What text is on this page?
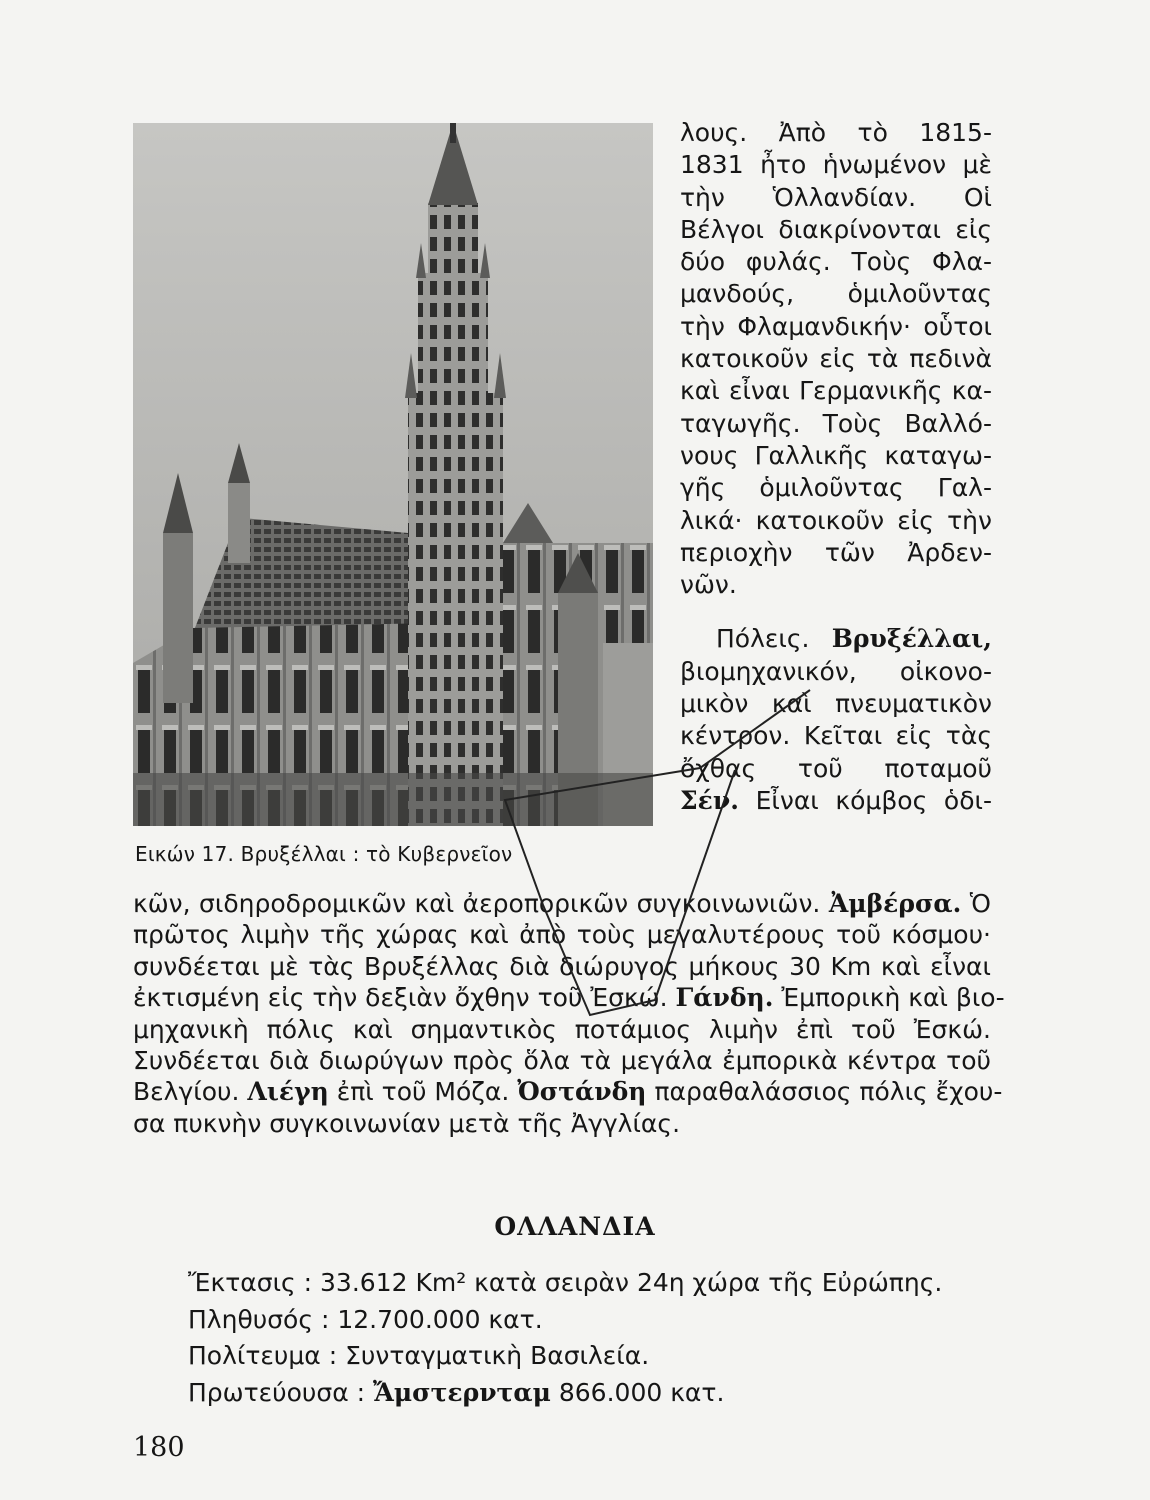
Εικών 17. Βρυξέλλαι : τὸ Κυβερνεῖον
λους. Ἀπὸ τὸ 1815-
1831 ἦτο ἡνωμένον μὲ
τὴν Ὁλλανδίαν. Οἱ
Βέλγοι διακρίνονται εἰς
δύο φυλάς. Τοὺς Φλα-
μανδούς, ὁμιλοῦντας
τὴν Φλαμανδικήν· οὗτοι
κατοικοῦν εἰς τὰ πεδινὰ
καὶ εἶναι Γερμανικῆς κα-
ταγωγῆς. Τοὺς Βαλλό-
νους Γαλλικῆς καταγω-
γῆς ὁμιλοῦντας Γαλ-
λικά· κατοικοῦν εἰς τὴν
περιοχὴν τῶν Ἀρδεν-
νῶν.
Πόλεις. Βρυξέλλαι,
βιομηχανικόν, οἰκονο-
μικὸν καὶ πνευματικὸν
κέντρον. Κεῖται εἰς τὰς
ὄχθας τοῦ ποταμοῦ
Σέν. Εἶναι κόμβος ὁδι-
κῶν, σιδηροδρομικῶν καὶ ἀεροπορικῶν συγκοινωνιῶν. Ἀμβέρσα. Ὁ
πρῶτος λιμὴν τῆς χώρας καὶ ἀπὸ τοὺς μεγαλυτέρους τοῦ κόσμου·
συνδέεται μὲ τὰς Βρυξέλλας διὰ διώρυγος μήκους 30 Km καὶ εἶναι
ἐκτισμένη εἰς τὴν δεξιὰν ὄχθην τοῦ Ἐσκώ. Γάνδη. Ἐμπορικὴ καὶ βιο-
μηχανικὴ πόλις καὶ σημαντικὸς ποτάμιος λιμὴν ἐπὶ τοῦ Ἐσκώ.
Συνδέεται διὰ διωρύγων πρὸς ὅλα τὰ μεγάλα ἐμπορικὰ κέντρα τοῦ
Βελγίου. Λιέγη ἐπὶ τοῦ Μόζα. Ὀστάνδη παραθαλάσσιος πόλις ἔχου-
σα πυκνὴν συγκοινωνίαν μετὰ τῆς Ἀγγλίας.
ΟΛΛΑΝΔΙΑ
Ἔκτασις : 33.612 Km² κατὰ σειρὰν 24η χώρα τῆς Εὐρώπης.
Πληθυσός : 12.700.000 κατ.
Πολίτευμα : Συνταγματικὴ Βασιλεία.
Πρωτεύουσα : Ἄμστερνταμ 866.000 κατ.
180
